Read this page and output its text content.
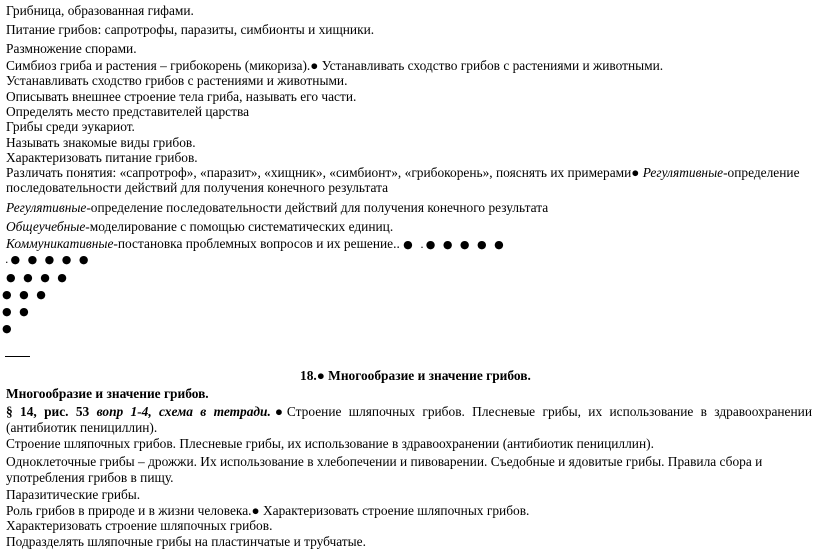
Грибница, образованная гифами.
Питание грибов: сапротрофы, паразиты, симбионты и хищники.
Размножение спорами.
Симбиоз гриба и растения – грибокорень (микориза).● Устанавливать сходство грибов с растениями и животными.
Устанавливать сходство грибов с растениями и животными.
Описывать внешнее строение тела гриба, называть его части.
Определять место представителей царства
Грибы среди эукариот.
Называть знакомые виды грибов.
Характеризовать питание грибов.
Различать понятия: «сапротроф», «паразит», «хищник», «симбионт», «грибокорень», пояснять их примерами● Регулятивные-определение
последовательности действий для получения конечного результата
Регулятивные-определение последовательности действий для получения конечного результата
Общеучебные-моделирование с помощью систематических единиц.
Коммуникативные-постановка проблемных вопросов и их решение.. ● .● ● ● ● ●
.● ● ● ● ●
● ● ● ●
● ● ●
● ●
●
18.● Многообразие и значение грибов.
Многообразие и значение грибов.
§ 14, рис. 53 вопр 1-4, схема в тетради.●Строение шляпочных грибов. Плесневые грибы, их использование в здравоохранении (антибиотик пенициллин).
Строение шляпочных грибов. Плесневые грибы, их использование в здравоохранении (антибиотик пенициллин).
Одноклеточные грибы – дрожжи. Их использование в хлебопечении и пивоварении. Съедобные и ядовитые грибы. Правила сбора и употребления грибов в пищу.
Паразитические грибы.
Роль грибов в природе и в жизни человека.● Характеризовать строение шляпочных грибов.
Характеризовать строение шляпочных грибов.
Подразделять шляпочные грибы на пластинчатые и трубчатые.
